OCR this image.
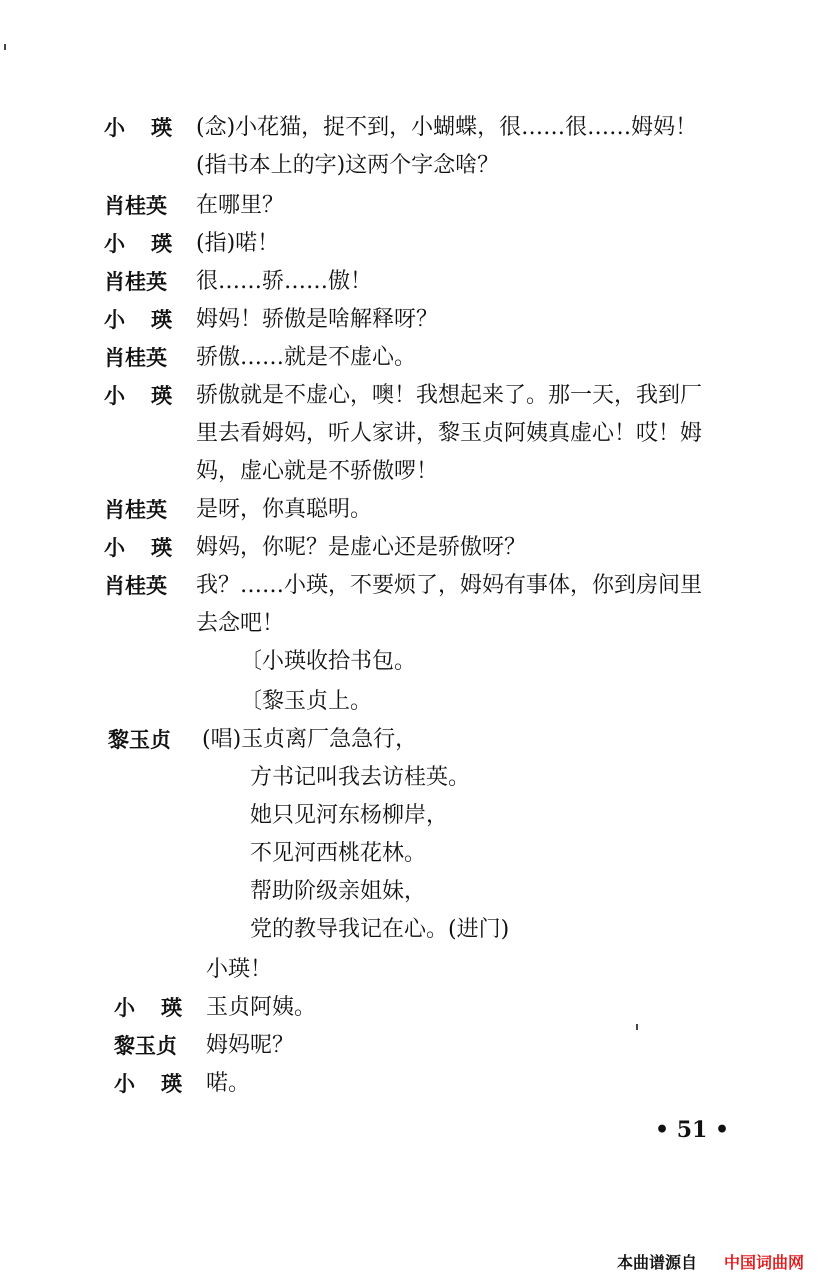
小瑛
肖桂英
小瑛
肖桂英
小瑛
肖桂英
小瑛
肖桂英
小瑛
肖桂英
黎玉贞
小瑛
黎玉贞
小瑛
(念)小花猫，捉不到，小蝴蝶，很……很……姆妈！
(指书本上的字)这两个字念啥？
在哪里？
(指)喏！
很……骄……傲！
姆妈！骄傲是啥解释呀？
骄傲……就是不虚心。
骄傲就是不虚心，噢！我想起来了。那一天，我到厂
里去看姆妈，听人家讲，黎玉贞阿姨真虚心！哎！姆
妈，虚心就是不骄傲啰！
是呀，你真聪明。
姆妈，你呢？是虚心还是骄傲呀？
我？……小瑛，不要烦了，姆妈有事体，你到房间里
去念吧！
〔小瑛收拾书包。
〔黎玉贞上。
(唱)玉贞离厂急急行，
方书记叫我去访桂英。
她只见河东杨柳岸，
不见河西桃花林。
帮助阶级亲姐妹，
党的教导我记在心。(进门)
小瑛！
玉贞阿姨。
姆妈呢？
喏。
• 51 •
本曲谱源自 中国词曲网
